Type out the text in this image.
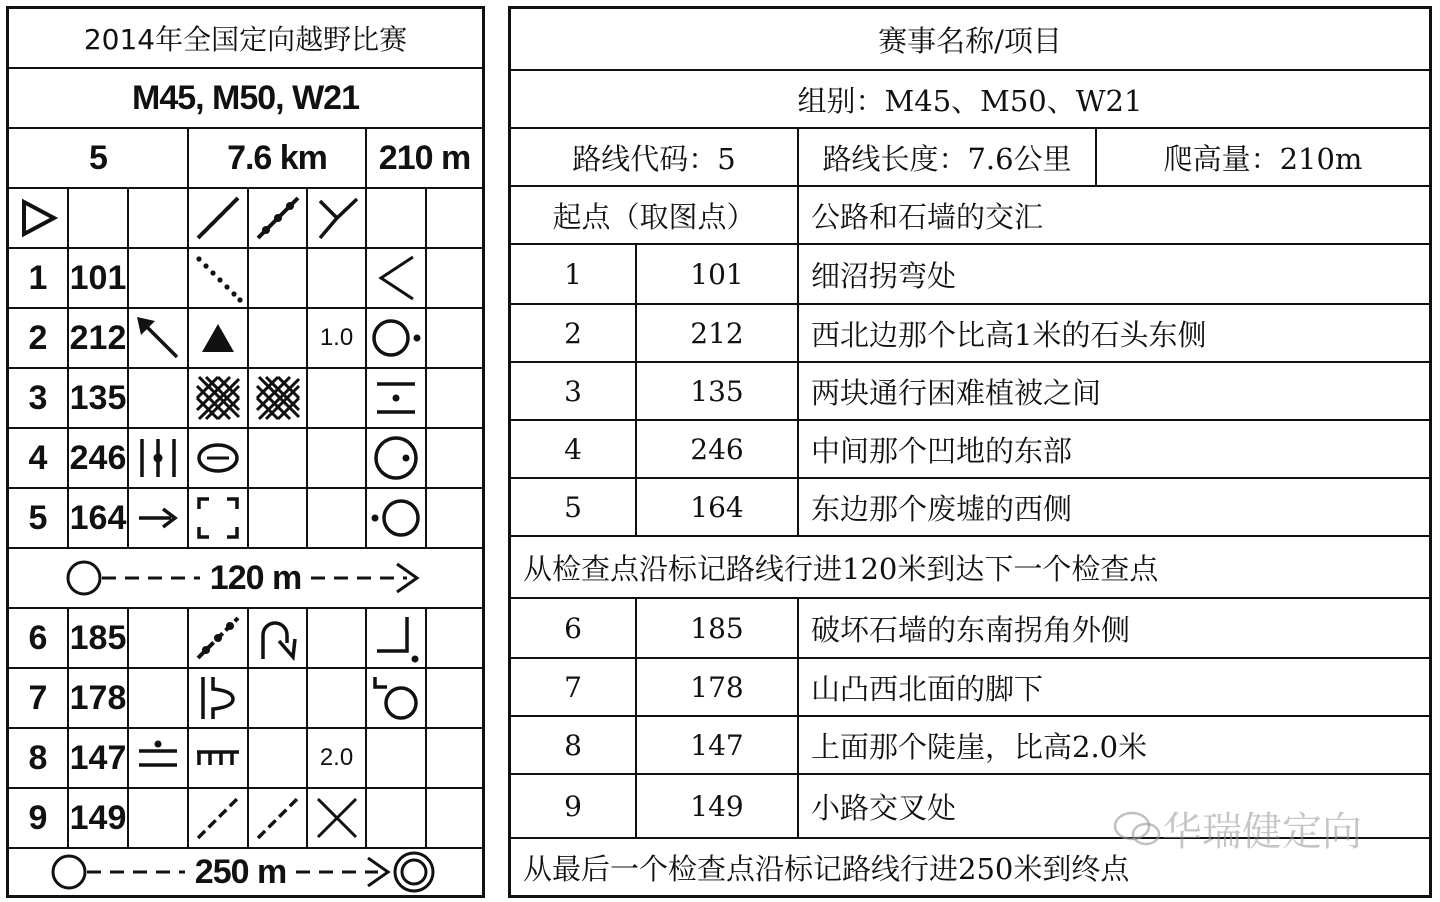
2014年全国定向越野比赛
M45, M50, W21
5	7.6 km 210 m
1 101
2 212	1.0
3 135
4 246
5 164
120 m
6 185
7 178
8 147	2.0
9 149
250 m
赛事名称/项目
组别：M45、M50、W21
路线代码：5	路线长度：7.6公里	爬高量：210m
起点（取图点） 公路和石墙的交汇
1	101 细沼拐弯处
2	212 西北边那个比高1米的石头东侧
3	135 两块通行困难植被之间
4	246 中间那个凹地的东部
5	164 东边那个废墟的西侧
从检查点沿标记路线行进120米到达下一个检查点
6	185 破坏石墙的东南拐角外侧
7	178 山凸西北面的脚下
8	147 上面那个陡崖，比高2.0米
9	149 小路交叉处
从最后一个检查点沿标记路线行进250米到终点
华瑞健定向
